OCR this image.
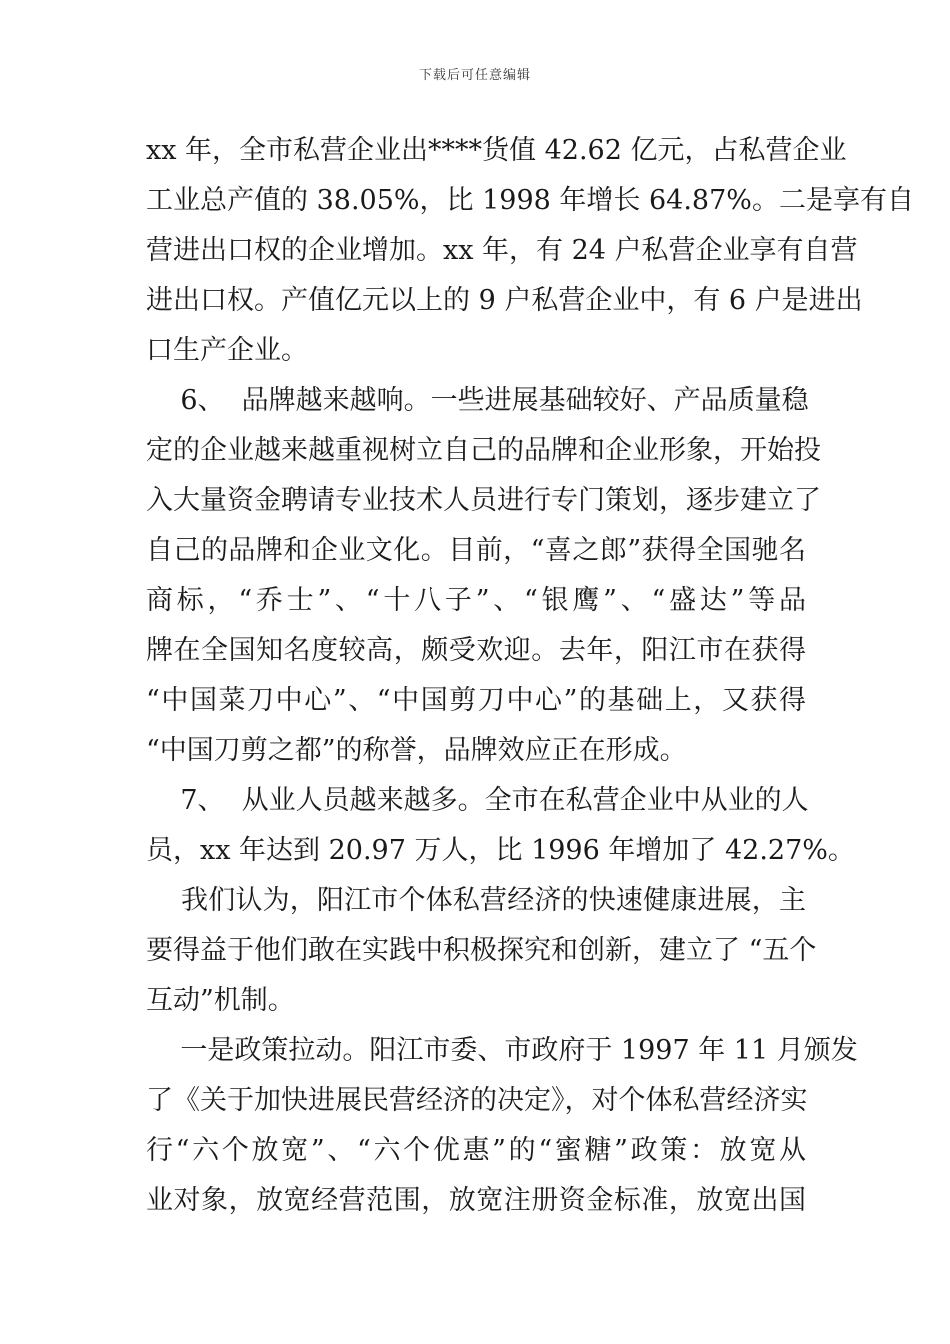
下载后可任意编辑
xx 年，全市私营企业出****货值 42.62 亿元，占私营企业
工业总产值的 38.05%，比 1998 年增长 64.87%。二是享有自
营进出口权的企业增加。xx 年，有 24 户私营企业享有自营
进出口权。产值亿元以上的 9 户私营企业中，有 6 户是进出
口生产企业。
6、  品牌越来越响。一些进展基础较好、产品质量稳
定的企业越来越重视树立自己的品牌和企业形象，开始投
入大量资金聘请专业技术人员进行专门策划，逐步建立了
自己的品牌和企业文化。目前，“喜之郎”获得全国驰名
商标，“乔士”、“十八子”、“银鹰”、“盛达”等品
牌在全国知名度较高，颇受欢迎。去年，阳江市在获得
“中国菜刀中心”、“中国剪刀中心”的基础上，又获得
“中国刀剪之都”的称誉，品牌效应正在形成。
7、  从业人员越来越多。全市在私营企业中从业的人
员，xx 年达到 20.97 万人，比 1996 年增加了 42.27%。
我们认为，阳江市个体私营经济的快速健康进展，主
要得益于他们敢在实践中积极探究和创新，建立了 “五个
互动”机制。
一是政策拉动。阳江市委、市政府于 1997 年 11 月颁发
了《关于加快进展民营经济的决定》，对个体私营经济实
行“六个放宽”、“六个优惠”的“蜜糖”政策：放宽从
业对象，放宽经营范围，放宽注册资金标准，放宽出国
